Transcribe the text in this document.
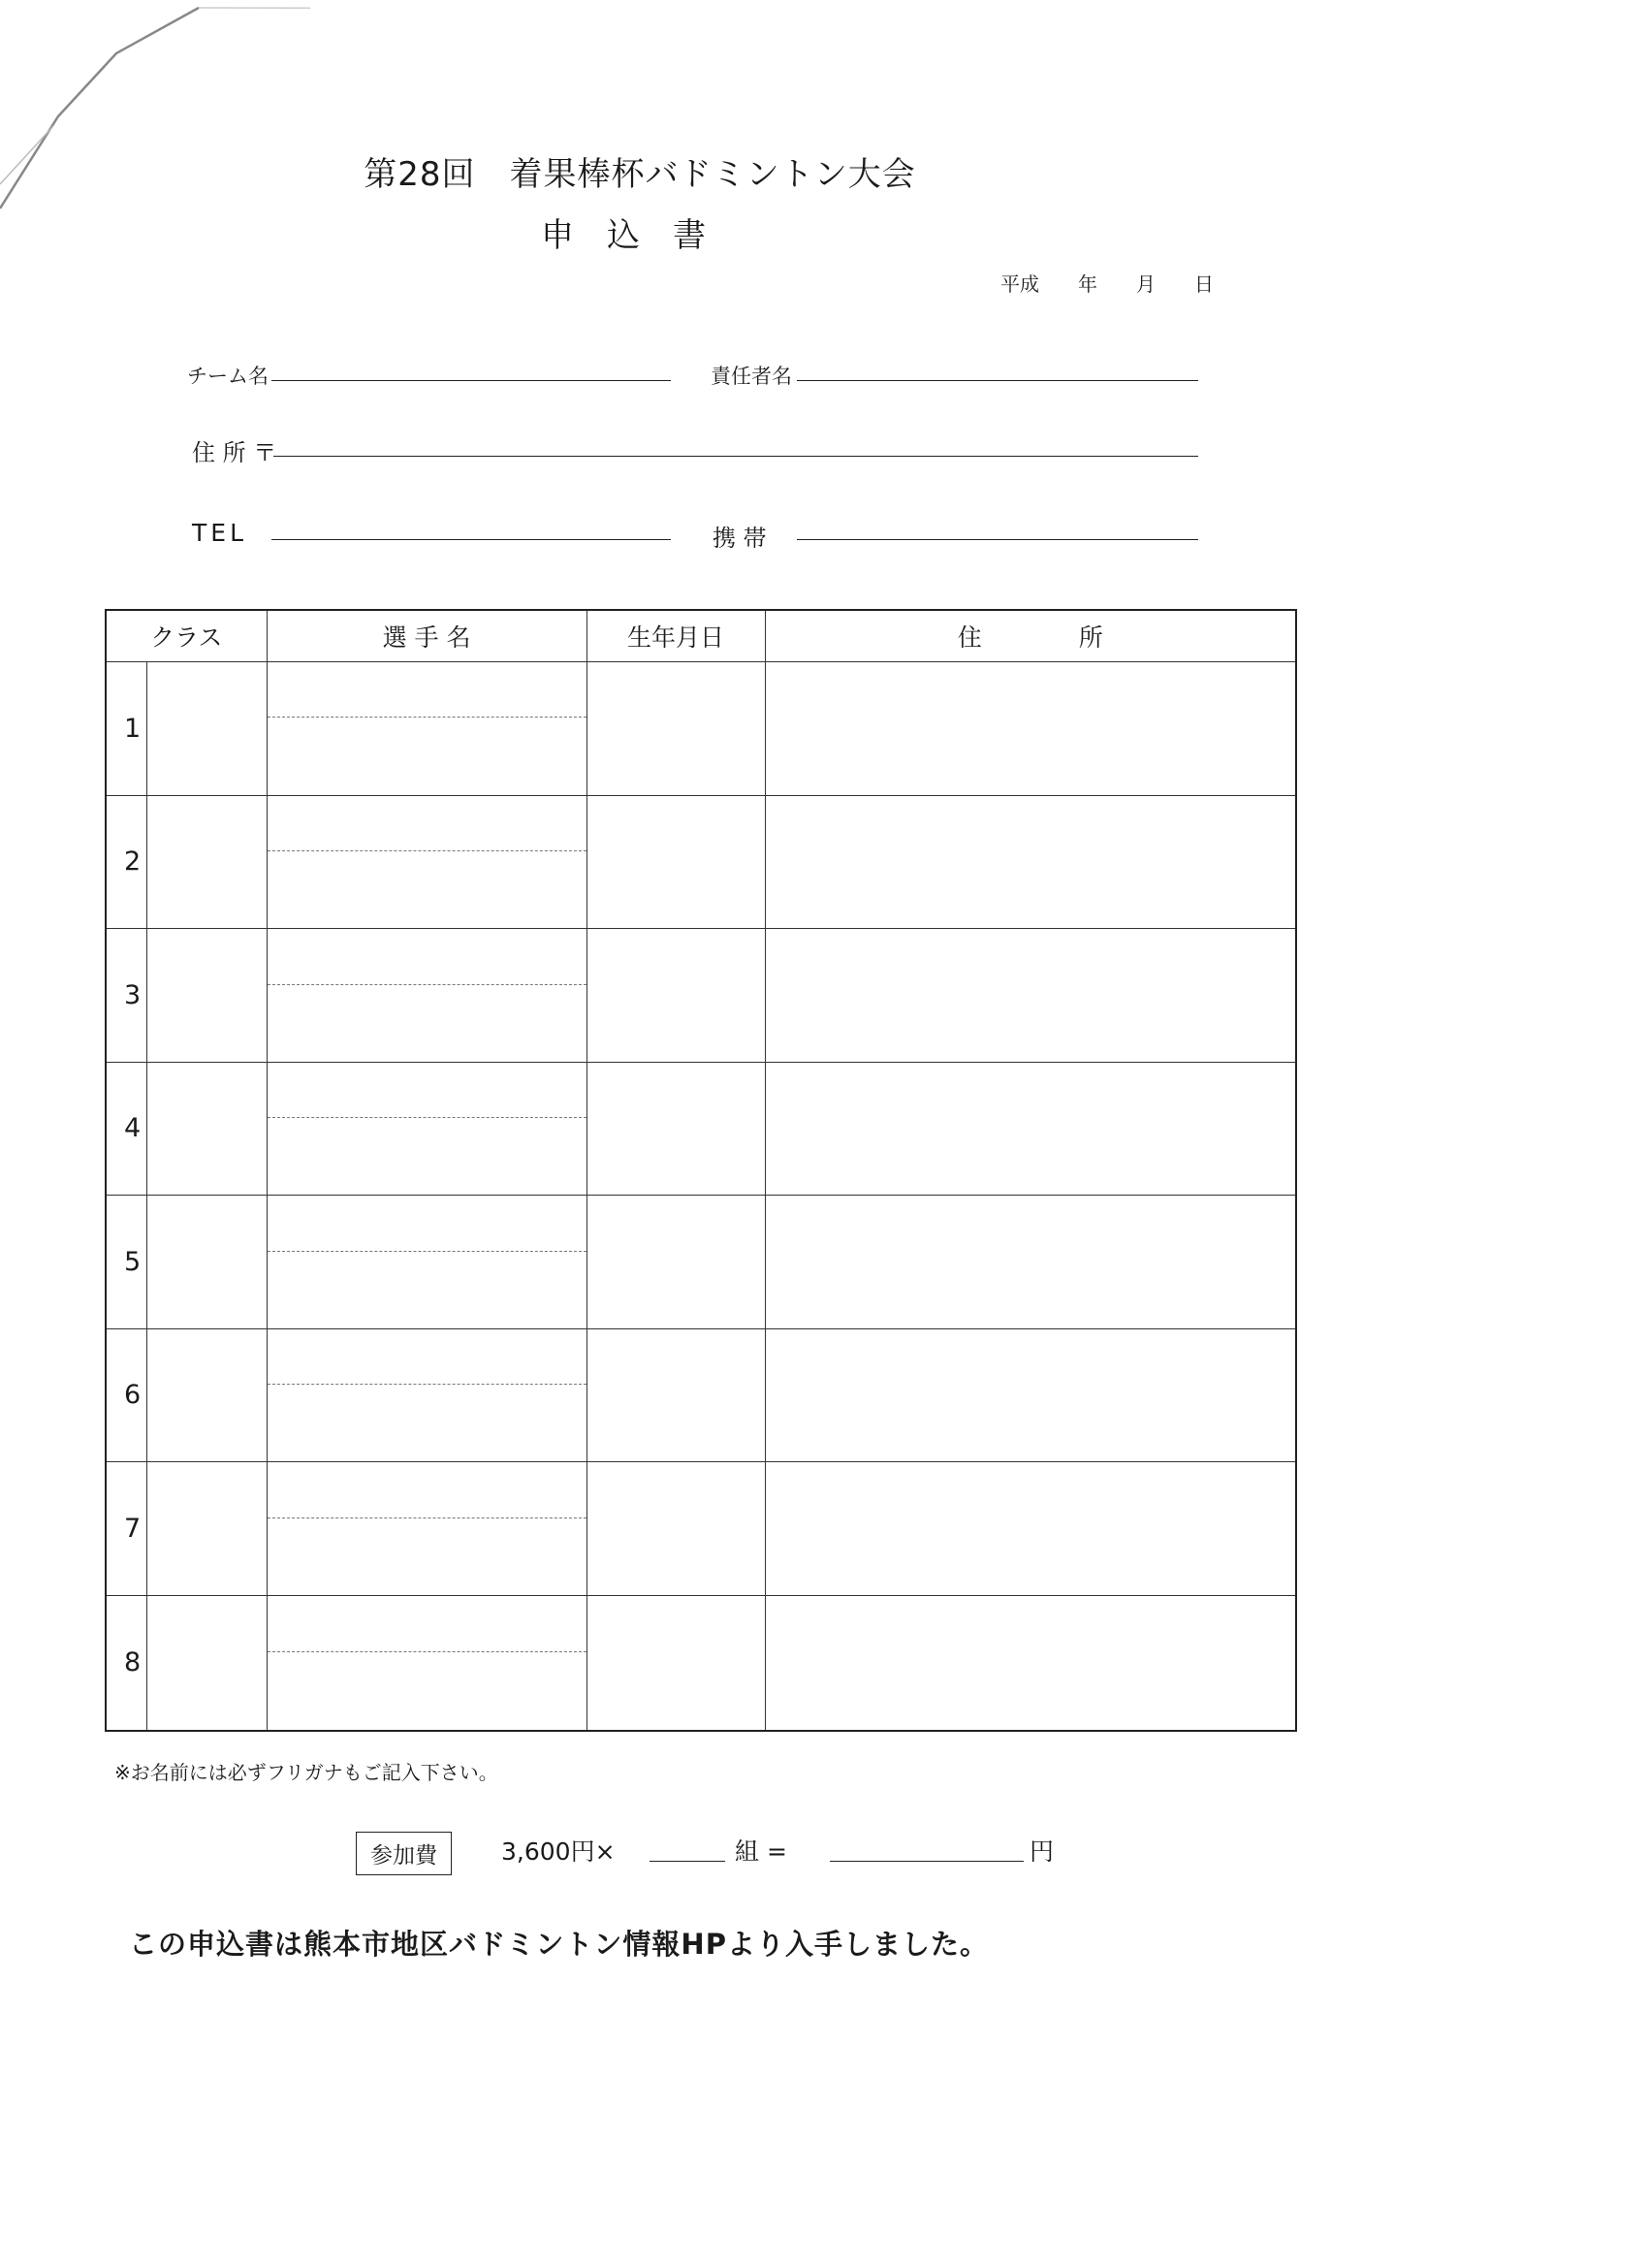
第28回　着果棒杯バドミントン大会
申込書
平成　　年　　月　　日
チーム名	責任者名
住 所 〒
TEL	携 帯
クラス		選 手 名	生年月日	住　　　　所
1		

2		

3		

4		

5		

6		

7		

8		

※お名前には必ずフリガナもご記入下さい。
参加費	3,600円×	組 =	円
この申込書は熊本市地区バドミントン情報HPより入手しました。
